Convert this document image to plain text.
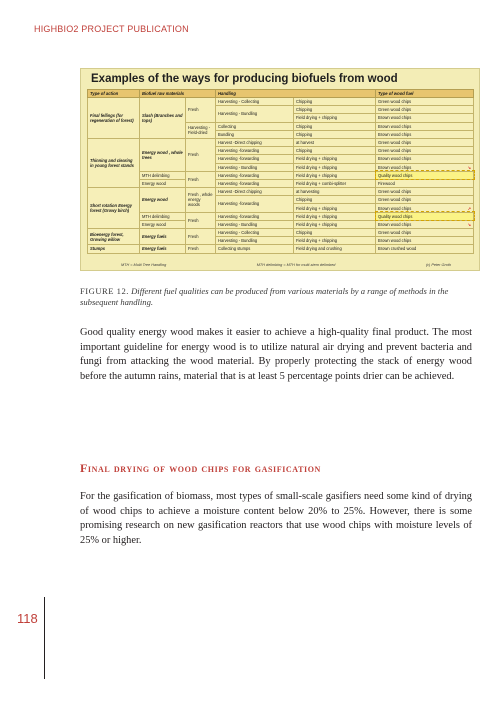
HIGHBIO2 PROJECT PUBLICATION
Examples of the ways for producing biofuels from wood
Type of action	Biofuel raw materials		Handling		Type of wood fuel
Final fellings (for regeneration of forest)	Slash (Branches and tops)	Fresh	Harvesting - Collecting	Chipping	Green wood chips
			Harvesting - Bundling	Chipping	Green wood chips
				Field drying + chipping	Brown wood chips
		Harvesting - Field-dried	Collecting	Chipping	Brown wood chips
			Bundling	Chipping	Brown wood chips
Thinning and clearing in young forest stands	Energy wood , whole trees	Fresh	Harvest -Direct chipping	at harvest	Green wood chips
			Harvesting -forwarding	Chipping	Green wood chips
			Harvesting -forwarding	Field drying + chipping	Brown wood chips
			Harvesting - Bundling	Field drying + chipping	Brown wood chips ↘

	MTH delimbing	Fresh	Harvesting -forwarding	Field drying + chipping	Quality wood chips
	Energy wood		Harvesting -forwarding	Field drying + combi-splitter	Firewood
Short rotation Energy forest (Growy birch)	Energy wood	Fresh , whole energy woods	Harvest -Direct chipping	at harvesting	Green wood chips
			Harvesting -forwarding	Chipping	Green wood chips
				Field drying + chipping	Brown wood chips ↗

	MTH delimbing	Fresh	Harvesting -forwarding	Field drying + chipping	Quality wood chips
	Energy wood		Harvesting - Bundling	Field drying + chipping	Brown wood chips ↘

Bioenergy forest, Growing willow	Energy fuels	Fresh	Harvesting - Collecting	Chipping	Green wood chips
			Harvesting - Bundling	Field drying + chipping	Brown wood chips
Stumps	Energy fuels	Fresh	Collecting stumps	Field drying and crushing	Brown crushed wood
MTH = Multi Tree Handling	MTH delimbing = MTH for multi-stem delimbed	(c) Peter Groth
FIGURE 12. Different fuel qualities can be produced from various materials by a range of methods in the subsequent handling.

Good quality energy wood makes it easier to achieve a high-quality final product. The most important guideline for energy wood is to utilize natural air drying and prevent bacteria and fungi from attacking the wood material. By properly protecting the stack of energy wood before the autumn rains, material that is at least 5 percentage points drier can be achieved.

Final drying of wood chips for gasification

For the gasification of biomass, most types of small-scale gasifiers need some kind of drying of wood chips to achieve a moisture content below 20% to 25%. However, there is some promising research on new gasification reactors that use wood chips with moisture levels of 25% or higher.

118
